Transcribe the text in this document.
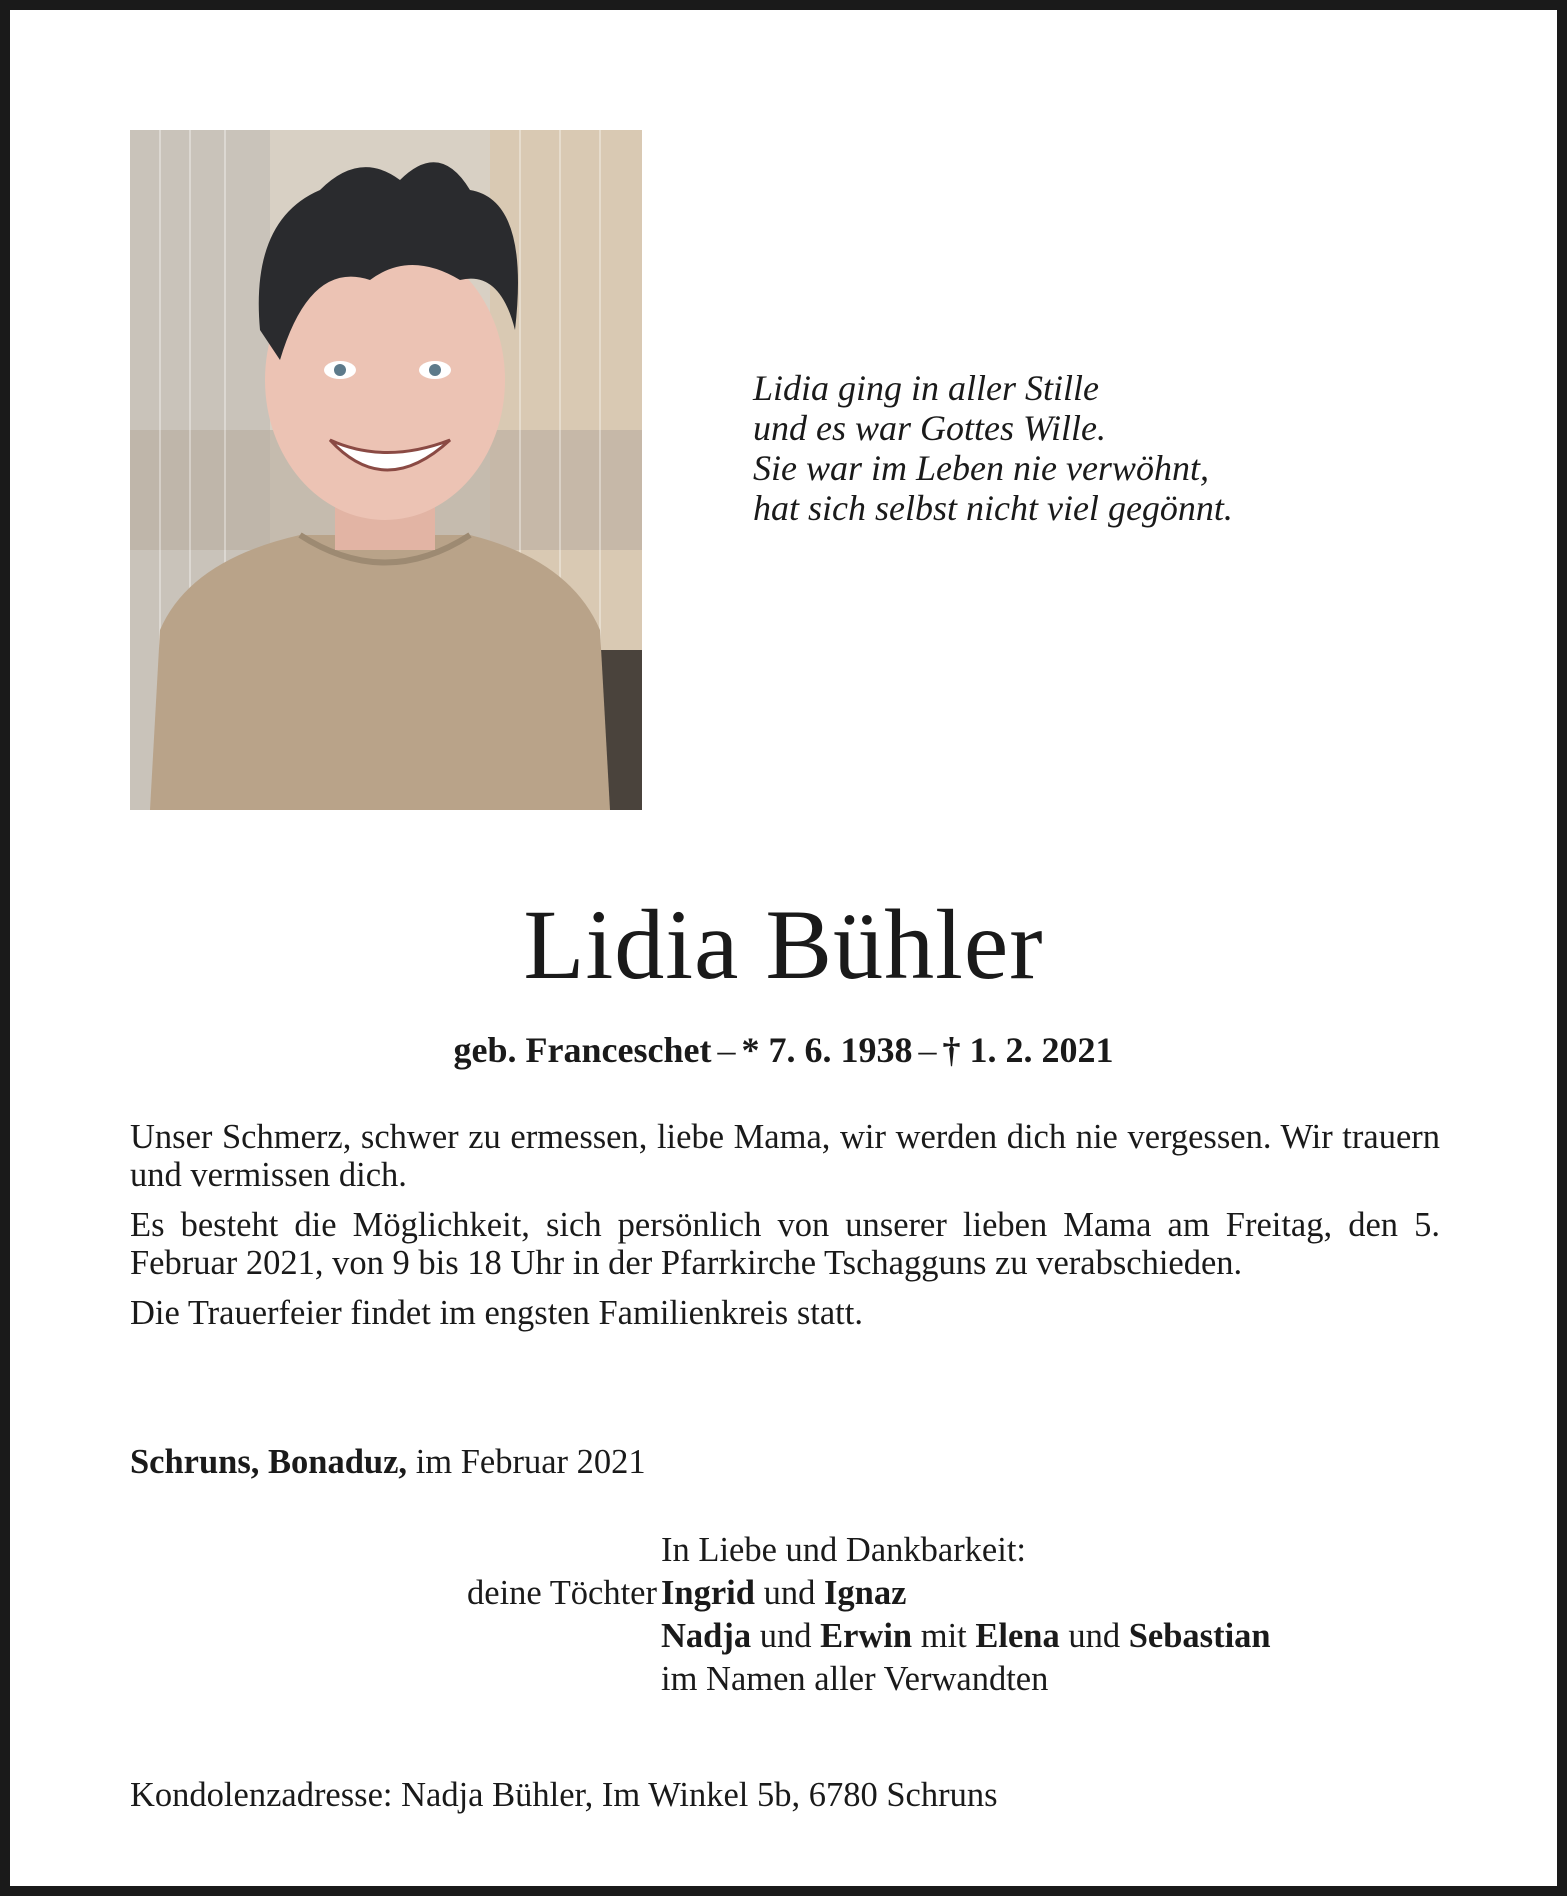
Lidia ging in aller Stille
und es war Gottes Wille.
Sie war im Leben nie verwöhnt,
hat sich selbst nicht viel gegönnt.
Lidia Bühler
geb. Franceschet – * 7. 6. 1938 – † 1. 2. 2021

Unser Schmerz, schwer zu ermessen, liebe Mama, wir werden dich nie vergessen. Wir trauern und vermissen dich.

Es besteht die Möglichkeit, sich persönlich von unserer lieben Mama am Freitag, den 5. Februar 2021, von 9 bis 18 Uhr in der Pfarrkirche Tschagguns zu verabschieden.

Die Trauerfeier findet im engsten Familienkreis statt.

Schruns, Bonaduz, im Februar 2021
In Liebe und Dankbarkeit:
deine Töchter Ingrid und Ignaz
Nadja und Erwin mit Elena und Sebastian
im Namen aller Verwandten
Kondolenzadresse: Nadja Bühler, Im Winkel 5b, 6780 Schruns
